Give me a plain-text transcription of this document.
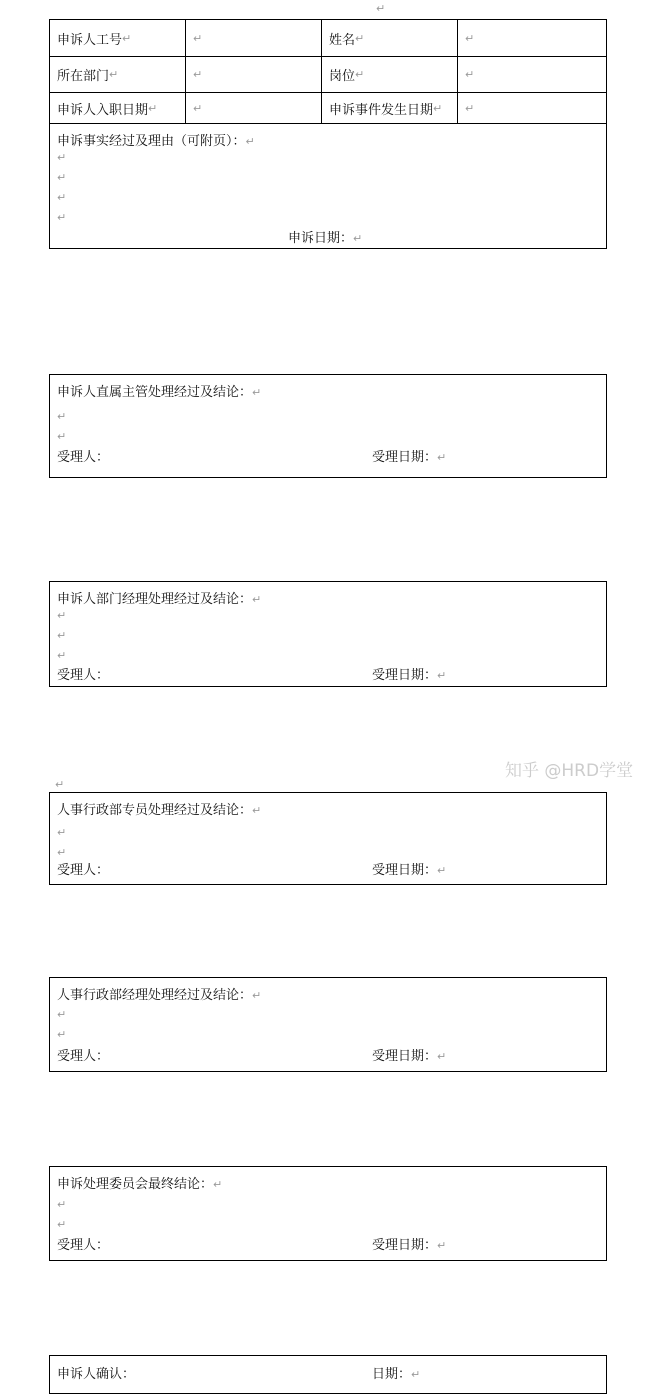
↵
申诉人工号 ↵	↵	姓名 ↵	↵
所在部门 ↵	↵	岗位 ↵	↵
申诉人入职日期 ↵	↵	申诉事件发生日期 ↵ ↵
申诉事实经过及理由（可附页）：↵
↵
↵
↵
↵
申诉日期：↵
申诉人直属主管处理经过及结论：↵
↵
↵
受理人：	受理日期：↵
申诉人部门经理处理经过及结论：↵
↵
↵
↵
受理人：	受理日期：↵
人事行政部专员处理经过及结论：↵
↵
↵
受理人：	受理日期：↵
人事行政部经理处理经过及结论：↵
↵
↵
受理人：	受理日期：↵
申诉处理委员会最终结论：↵
↵
↵
受理人：	受理日期：↵
申诉人确认：	日期：↵
↵
知乎 @HRD学堂
